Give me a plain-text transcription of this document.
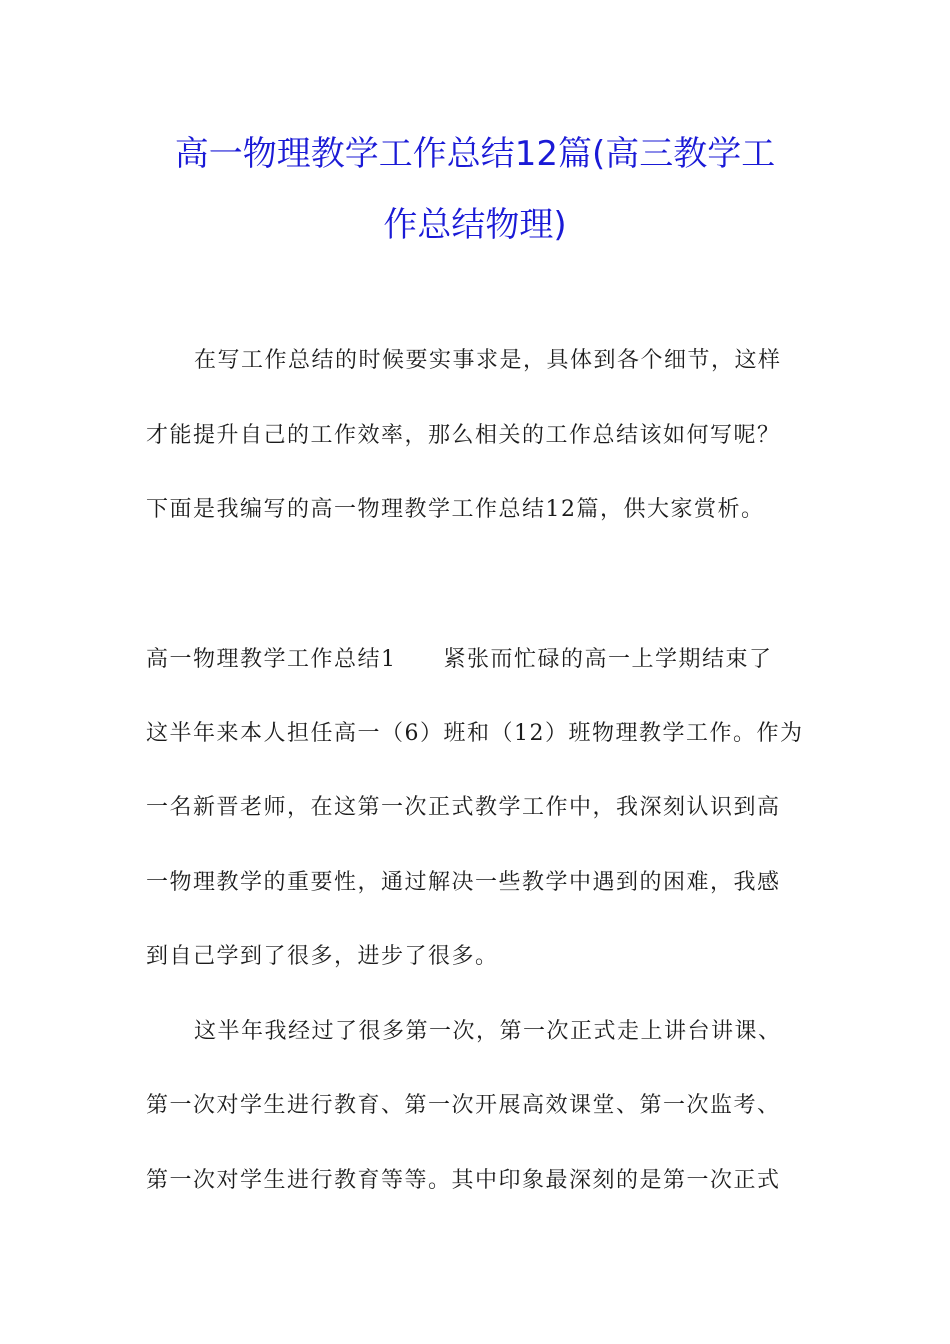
高一物理教学工作总结12篇(高三教学工
作总结物理)
在写工作总结的时候要实事求是，具体到各个细节，这样
才能提升自己的工作效率，那么相关的工作总结该如何写呢？
下面是我编写的高一物理教学工作总结12篇，供大家赏析。
高一物理教学工作总结1　　紧张而忙碌的高一上学期结束了
这半年来本人担任高一（6）班和（12）班物理教学工作。作为
一名新晋老师，在这第一次正式教学工作中，我深刻认识到高
一物理教学的重要性，通过解决一些教学中遇到的困难，我感
到自己学到了很多，进步了很多。
这半年我经过了很多第一次，第一次正式走上讲台讲课、
第一次对学生进行教育、第一次开展高效课堂、第一次监考、
第一次对学生进行教育等等。其中印象最深刻的是第一次正式
